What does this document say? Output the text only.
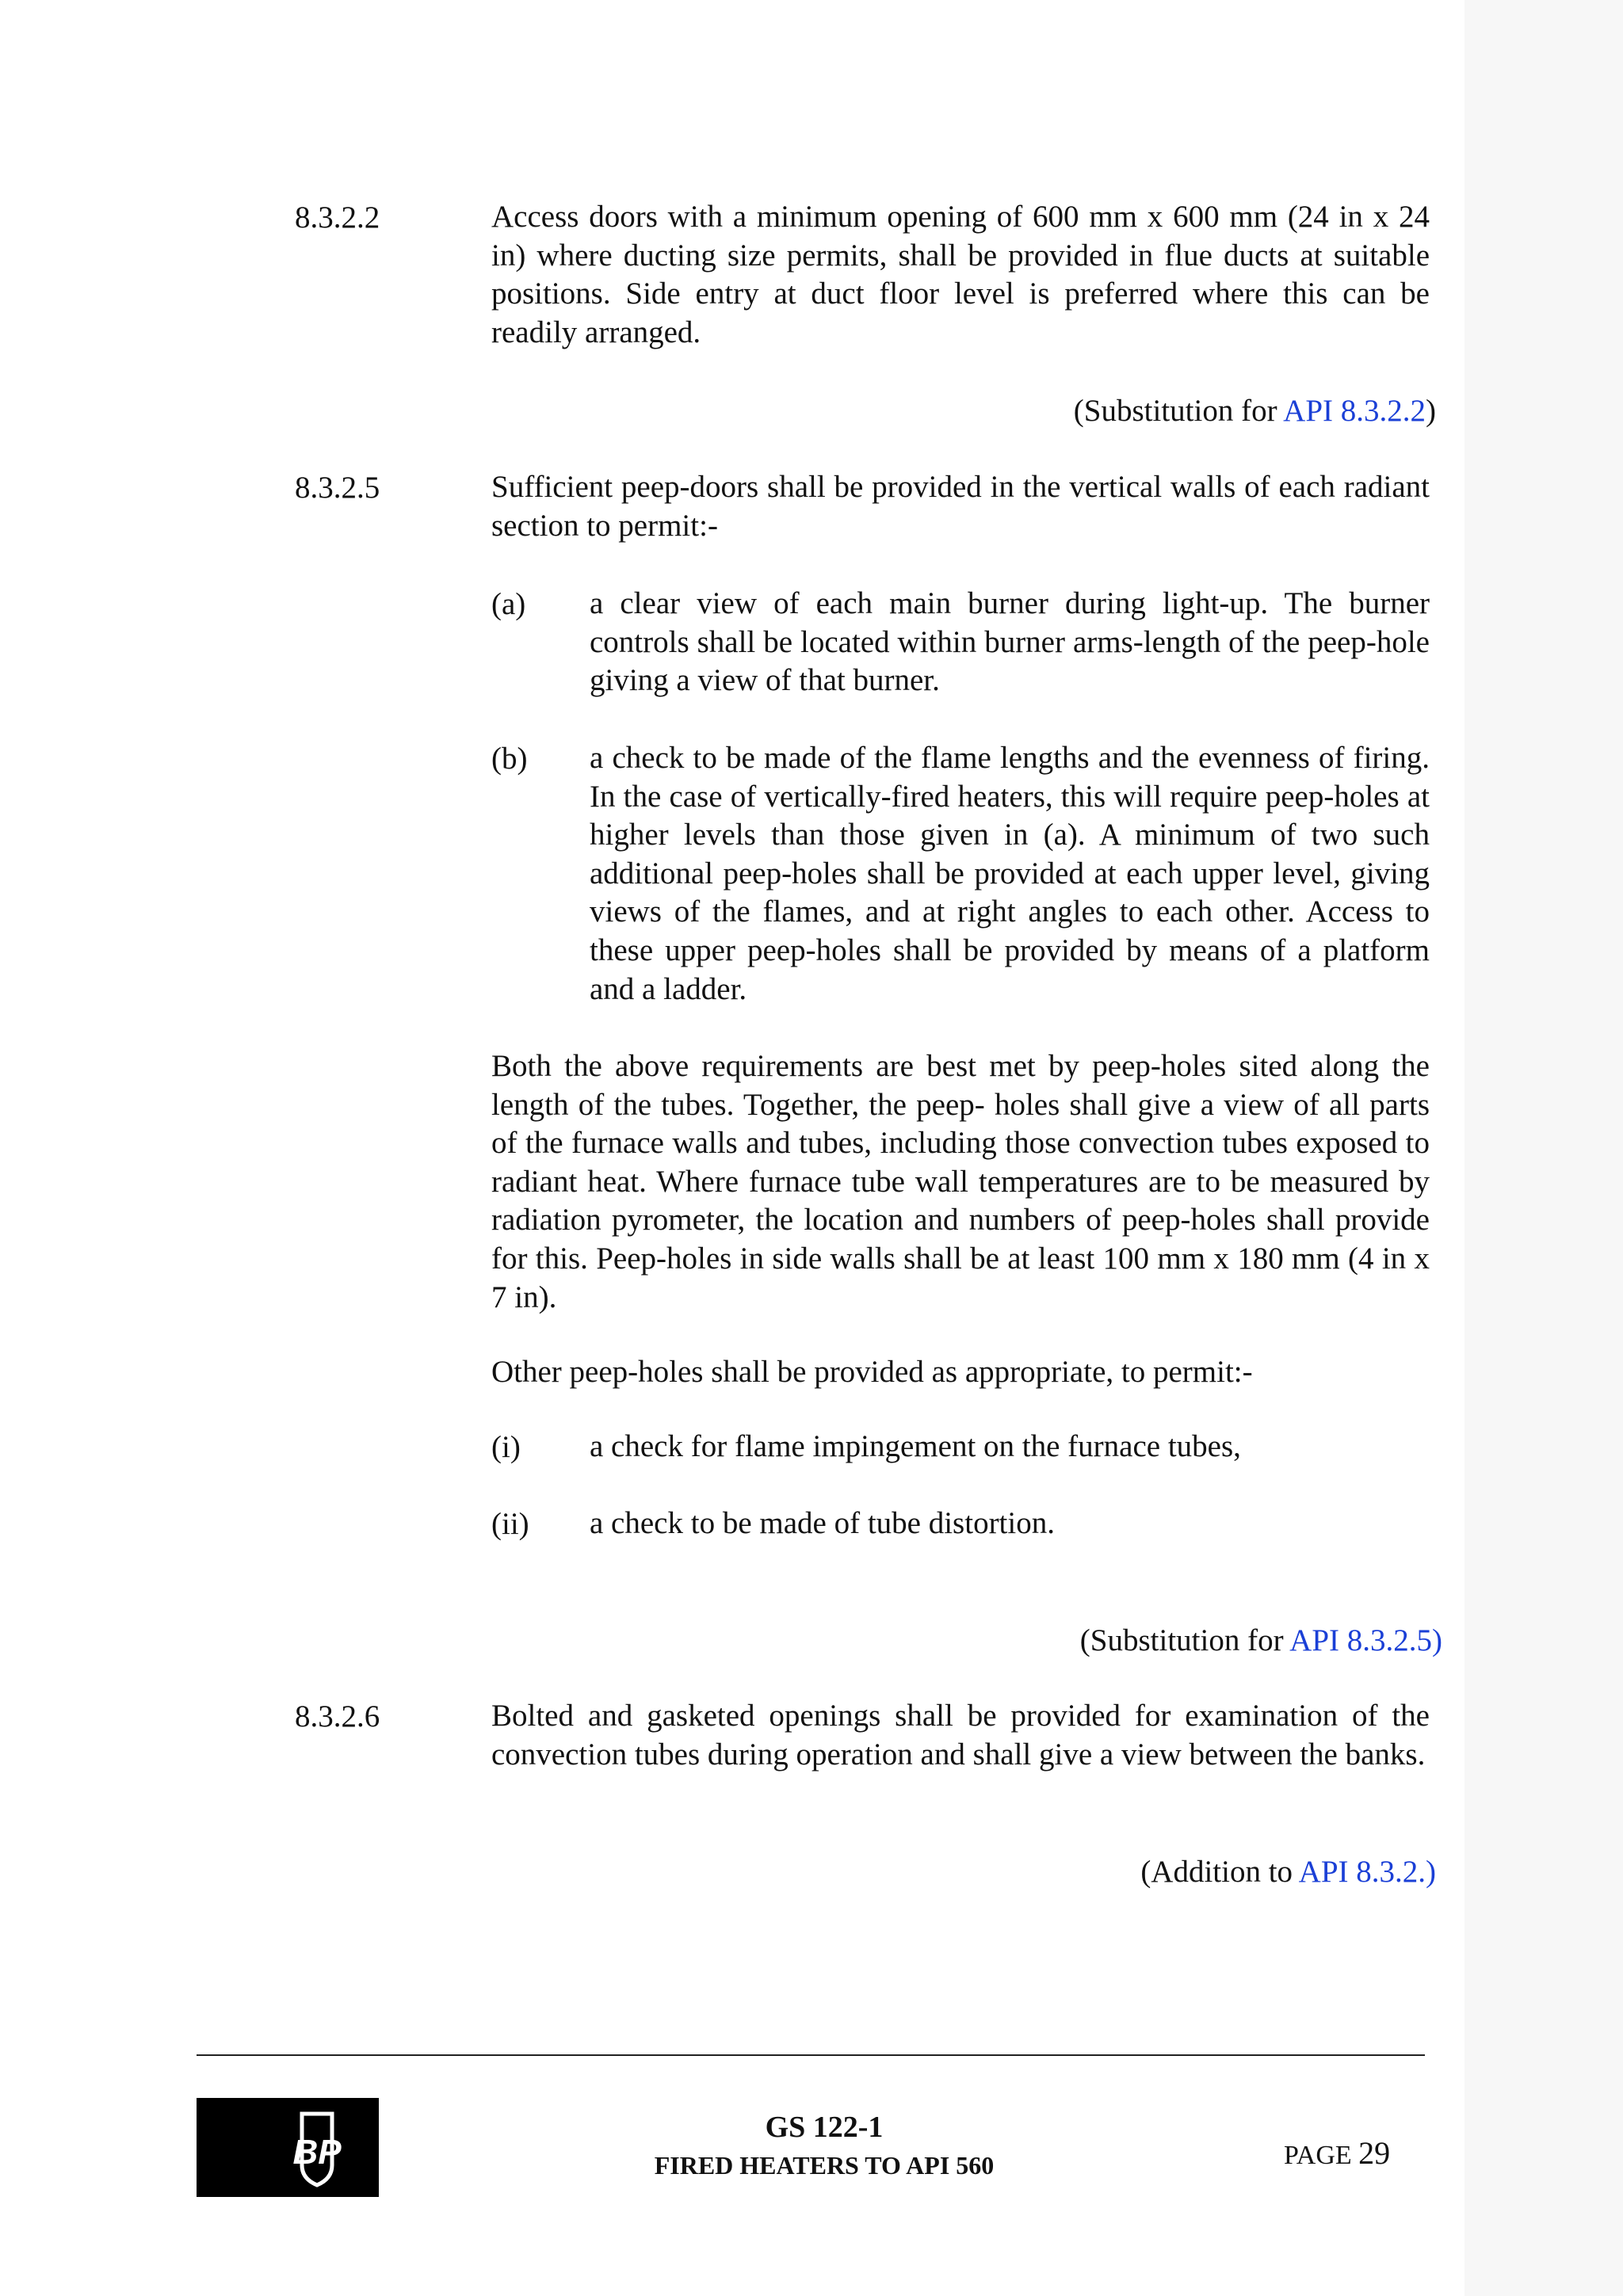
8.3.2.2	Access doors with a minimum opening of 600 mm x 600 mm (24 in x 24 in) where ducting size permits, shall be provided in flue ducts at suitable positions. Side entry at duct floor level is preferred where this can be readily arranged.

(Substitution for API 8.3.2.2)
8.3.2.5	Sufficient peep-doors shall be provided in the vertical walls of each radiant section to permit:-

(a) a clear view of each main burner during light-up. The burner controls shall be located within burner arms-length of the peep-hole giving a view of that burner.

(b) a check to be made of the flame lengths and the evenness of firing. In the case of vertically-fired heaters, this will require peep-holes at higher levels than those given in (a). A minimum of two such additional peep-holes shall be provided at each upper level, giving views of the flames, and at right angles to each other. Access to these upper peep-holes shall be provided by means of a platform and a ladder.

Both the above requirements are best met by peep-holes sited along the length of the tubes. Together, the peep- holes shall give a view of all parts of the furnace walls and tubes, including those convection tubes exposed to radiant heat. Where furnace tube wall temperatures are to be measured by radiation pyrometer, the location and numbers of peep-holes shall provide for this. Peep-holes in side walls shall be at least 100 mm x 180 mm (4 in x 7 in).

Other peep-holes shall be provided as appropriate, to permit:-

(i) a check for flame impingement on the furnace tubes,

(ii) a check to be made of tube distortion.

(Substitution for API 8.3.2.5)
8.3.2.6	Bolted and gasketed openings shall be provided for examination of the convection tubes during operation and shall give a view between the banks.

(Addition to API 8.3.2.)
BP
GS 122-1
FIRED HEATERS TO API 560	PAGE 29
